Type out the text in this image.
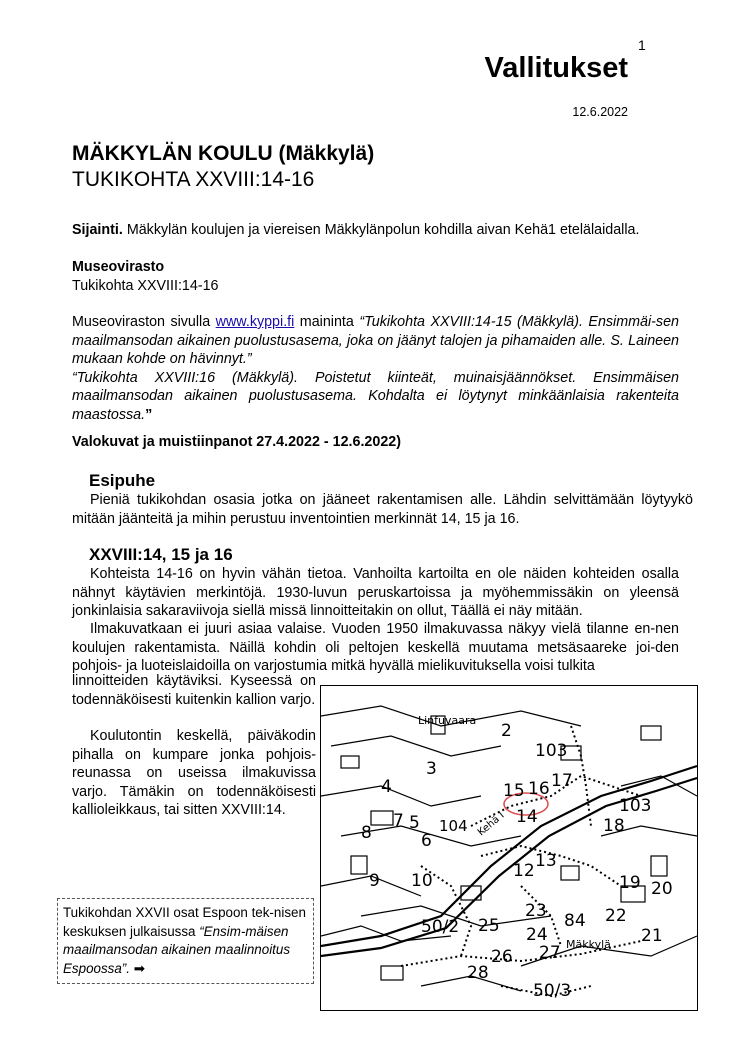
1
Vallitukset
12.6.2022
MÄKKYLÄN KOULU (Mäkkylä)
TUKIKOHTA XXVIII:14-16
Sijainti. Mäkkylän koulujen ja viereisen Mäkkylänpolun kohdilla aivan Kehä1 etelälaidalla.
Museovirasto
Tukikohta XXVIII:14-16
Museoviraston sivulla www.kyppi.fi maininta “Tukikohta XXVIII:14-15 (Mäkkylä). Ensimmäi-sen maailmansodan aikainen puolustusasema, joka on jäänyt talojen ja pihamaiden alle. S. Laineen mukaan kohde on hävinnyt.”
“Tukikohta XXVIII:16 (Mäkkylä). Poistetut kiinteät, muinaisjäännökset. Ensimmäisen maailmansodan aikainen puolustusasema. Kohdalta ei löytynyt minkäänlaisia rakenteita maastossa.”
Valokuvat ja muistiinpanot 27.4.2022 - 12.6.2022)
Esipuhe
Pieniä tukikohdan osasia jotka on jääneet rakentamisen alle. Lähdin selvittämään löytyykö mitään jäänteitä ja mihin perustuu inventointien merkinnät 14, 15 ja 16.
XXVIII:14, 15 ja 16
Kohteista 14-16 on hyvin vähän tietoa. Vanhoilta kartoilta en ole näiden kohteiden osalla nähnyt käytävien merkintöjä. 1930-luvun peruskartoissa ja myöhemmissäkin on yleensä jonkinlaisia sakaraviivoja siellä missä linnoitteitakin on ollut, Täällä ei näy mitään.
Ilmakuvatkaan ei juuri asiaa valaise. Vuoden 1950 ilmakuvassa näkyy vielä tilanne en-nen koulujen rakentamista. Näillä kohdin oli peltojen keskellä muutama metsäsaareke joi-den pohjois- ja luoteislaidoilla on varjostumia mitkä hyvällä mielikuvituksella voisi tulkita
linnoitteiden käytäviksi. Kyseessä on todennäköisesti kuitenkin kallion varjo.
Koulutontin keskellä, päiväkodin pihalla on kumpare jonka pohjois-reunassa on useissa ilmakuvissa varjo. Tämäkin on todennäköisesti kallioleikkaus, tai sitten XXVIII:14.
Tukikohdan XXVII osat Espoon tek-nisen keskuksen julkaisussa “Ensim-mäisen maailmansodan aikainen maalinnoitus Espoossa”. ➡
Linfuvaara
Kehä I
Mäkkylä
103
3
4
104
8 5
6
9 10
15 16 17
103
14	18
12 13
19 20
23 84 22
21
50/2 25 24
27
26
28
50/3
7
2
